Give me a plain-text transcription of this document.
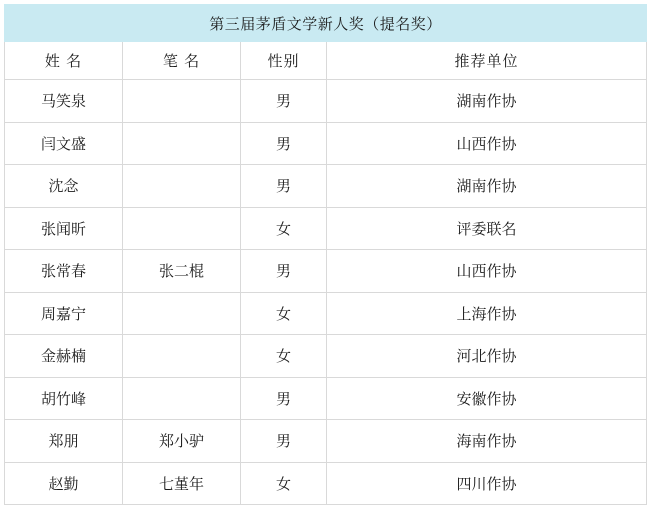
第三届茅盾文学新人奖（提名奖）			
姓 名	笔 名	性别	推荐单位
马笑泉		男	湖南作协
闫文盛		男	山西作协
沈念		男	湖南作协
张闻昕		女	评委联名
张常春	张二棍	男	山西作协
周嘉宁		女	上海作协
金赫楠		女	河北作协
胡竹峰		男	安徽作协
郑朋	郑小驴	男	海南作协
赵勤	七堇年	女	四川作协
